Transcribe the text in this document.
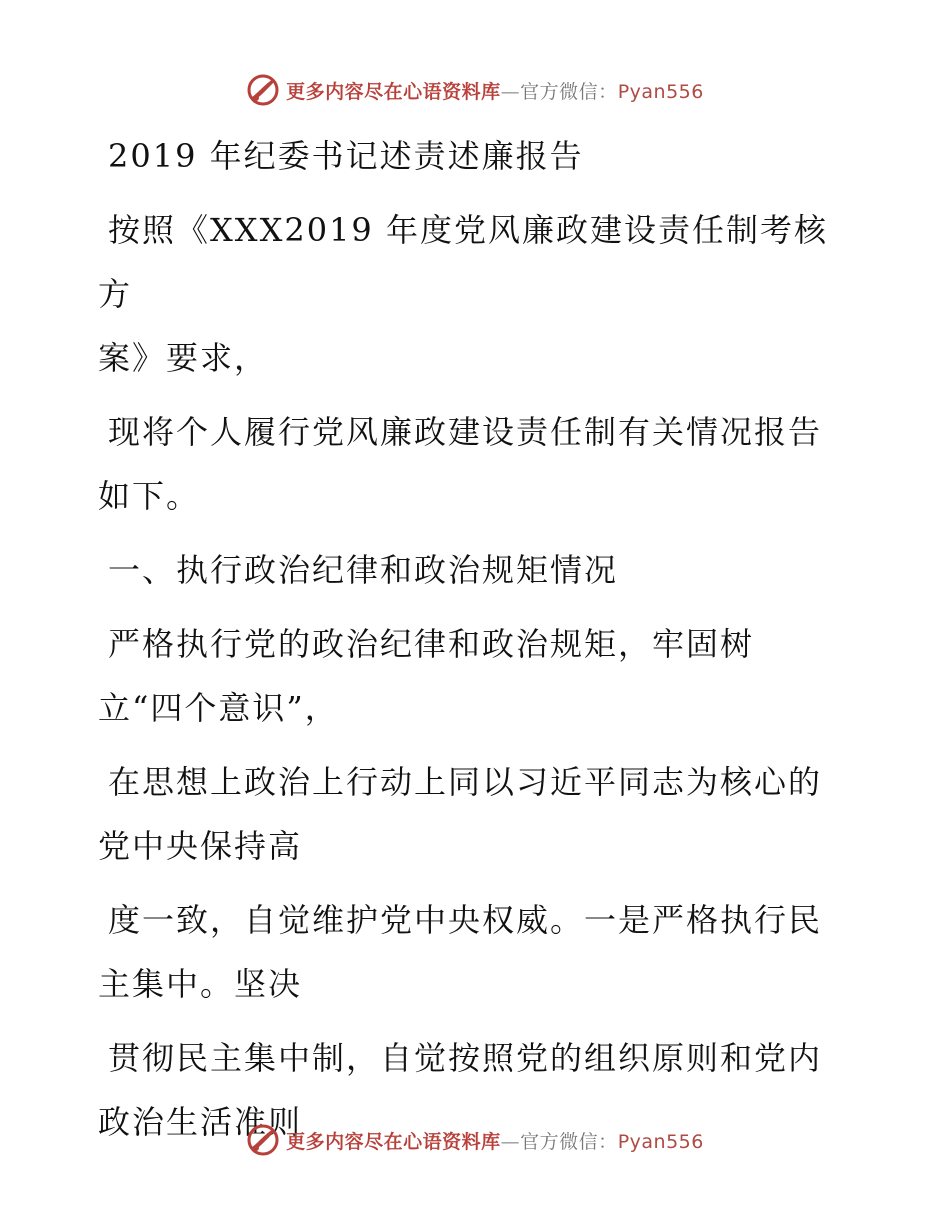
更多内容尽在心语资料库—官方微信：Pyan556

2019 年纪委书记述责述廉报告

按照《XXX2019 年度党风廉政建设责任制考核方
案》要求，

现将个人履行党风廉政建设责任制有关情况报告
如下。

一、执行政治纪律和政治规矩情况

严格执行党的政治纪律和政治规矩，牢固树
立“四个意识”，

在思想上政治上行动上同以习近平同志为核心的
党中央保持高

度一致，自觉维护党中央权威。一是严格执行民
主集中。坚决

贯彻民主集中制，自觉按照党的组织原则和党内
政治生活准则

更多内容尽在心语资料库—官方微信：Pyan556
